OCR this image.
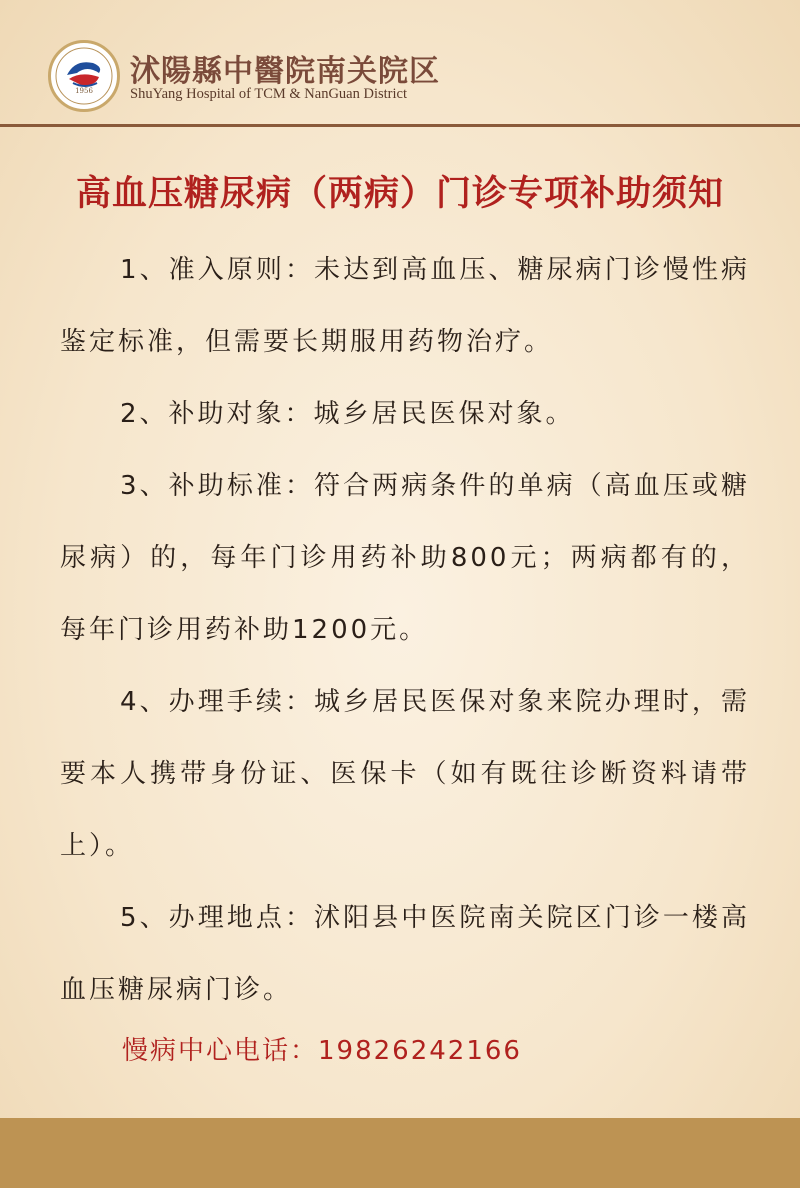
1956
沭陽縣中醫院南关院区
ShuYang Hospital of TCM & NanGuan District
高血压糖尿病（两病）门诊专项补助须知

1、准入原则：未达到高血压、糖尿病门诊慢性病鉴定标准，但需要长期服用药物治疗。

2、补助对象：城乡居民医保对象。

3、补助标准：符合两病条件的单病（高血压或糖尿病）的，每年门诊用药补助800元；两病都有的，每年门诊用药补助1200元。

4、办理手续：城乡居民医保对象来院办理时，需要本人携带身份证、医保卡（如有既往诊断资料请带上）。

5、办理地点：沭阳县中医院南关院区门诊一楼高血压糖尿病门诊。

慢病中心电话：19826242166
